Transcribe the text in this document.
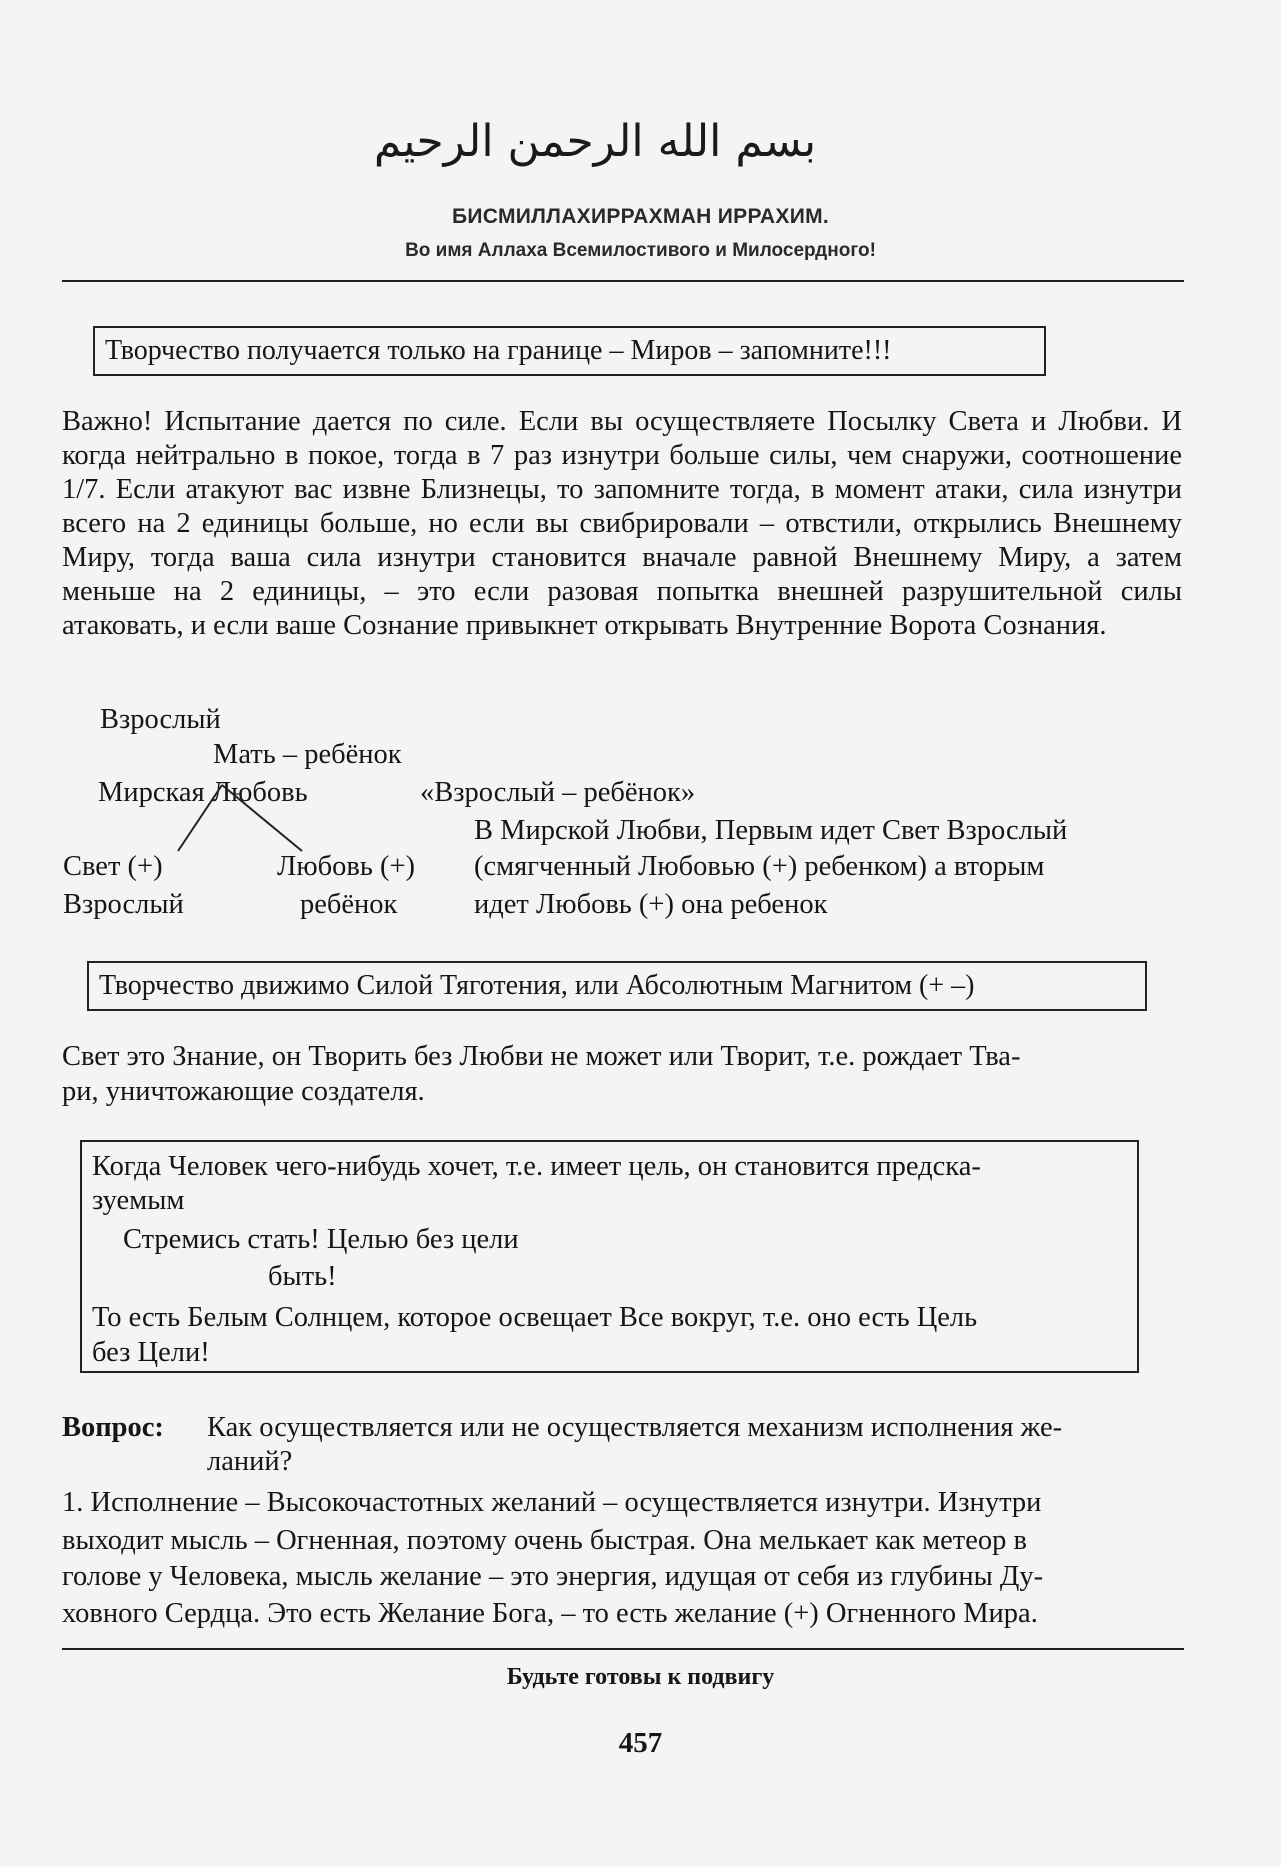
بسم الله الرحمن الرحيم
БИСМИЛЛАХИРРАХМАН ИРРАХИМ.
Во имя Аллаха Всемилостивого и Милосердного!
Творчество получается только на границе – Миров – запомните!!!
Важно! Испытание дается по силе. Если вы осуществляете Посылку Света и Любви. И когда нейтрально в покое, тогда в 7 раз изнутри больше силы, чем снаружи, соотношение 1/7. Если атакуют вас извне Близнецы, то запомните тогда, в момент атаки, сила изнутри всего на 2 единицы больше, но если вы свибрировали – отвстили, открылись Внешнему Миру, тогда ваша сила изнутри становится вначале равной Внешнему Миру, а затем меньше на 2 единицы, – это если разовая попытка внешней разрушительной силы атаковать, и если ваше Сознание привыкнет открывать Внутренние Ворота Сознания.
Взрослый
Мать – ребёнок
Мирская Любовь	«Взрослый – ребёнок»
В Мирской Любви, Первым идет Свет Взрослый
Свет (+)	Любовь (+) (смягченный Любовью (+) ребенком) а вторым
Взрослый	ребёнок	идет Любовь (+) она ребенок
Творчество движимо Силой Тяготения, или Абсолютным Магнитом (+ –)
Свет это Знание, он Творить без Любви не может или Творит, т.е. рождает Тва-
ри, уничтожающие создателя.
Когда Человек чего-нибудь хочет, т.е. имеет цель, он становится предска-
зуемым
Стремись стать! Целью без цели
быть!
То есть Белым Солнцем, которое освещает Все вокруг, т.е. оно есть Цель
без Цели!
Вопрос: Как осуществляется или не осуществляется механизм исполнения же-
ланий?
1. Исполнение – Высокочастотных желаний – осуществляется изнутри. Изнутри
выходит мысль – Огненная, поэтому очень быстрая. Она мелькает как метеор в
голове у Человека, мысль желание – это энергия, идущая от себя из глубины Ду-
ховного Сердца. Это есть Желание Бога, – то есть желание (+) Огненного Мира.
Будьте готовы к подвигу
457
